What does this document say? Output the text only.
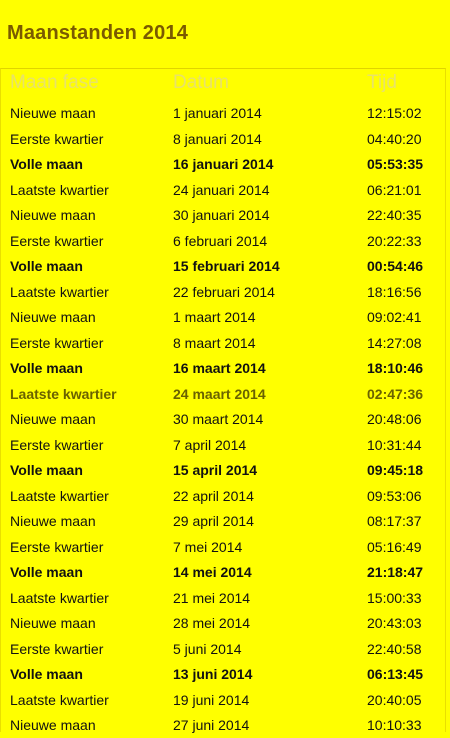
Maanstanden 2014
Maan fase	Datum	Tijd
Nieuwe maan	1 januari 2014	12:15:02
Eerste kwartier	8 januari 2014	04:40:20
Volle maan	16 januari 2014	05:53:35
Laatste kwartier	24 januari 2014	06:21:01
Nieuwe maan	30 januari 2014	22:40:35
Eerste kwartier	6 februari 2014	20:22:33
Volle maan	15 februari 2014	00:54:46
Laatste kwartier	22 februari 2014	18:16:56
Nieuwe maan	1 maart 2014	09:02:41
Eerste kwartier	8 maart 2014	14:27:08
Volle maan	16 maart 2014	18:10:46
Laatste kwartier	24 maart 2014	02:47:36
Nieuwe maan	30 maart 2014	20:48:06
Eerste kwartier	7 april 2014	10:31:44
Volle maan	15 april 2014	09:45:18
Laatste kwartier	22 april 2014	09:53:06
Nieuwe maan	29 april 2014	08:17:37
Eerste kwartier	7 mei 2014	05:16:49
Volle maan	14 mei 2014	21:18:47
Laatste kwartier	21 mei 2014	15:00:33
Nieuwe maan	28 mei 2014	20:43:03
Eerste kwartier	5 juni 2014	22:40:58
Volle maan	13 juni 2014	06:13:45
Laatste kwartier	19 juni 2014	20:40:05
Nieuwe maan	27 juni 2014	10:10:33
